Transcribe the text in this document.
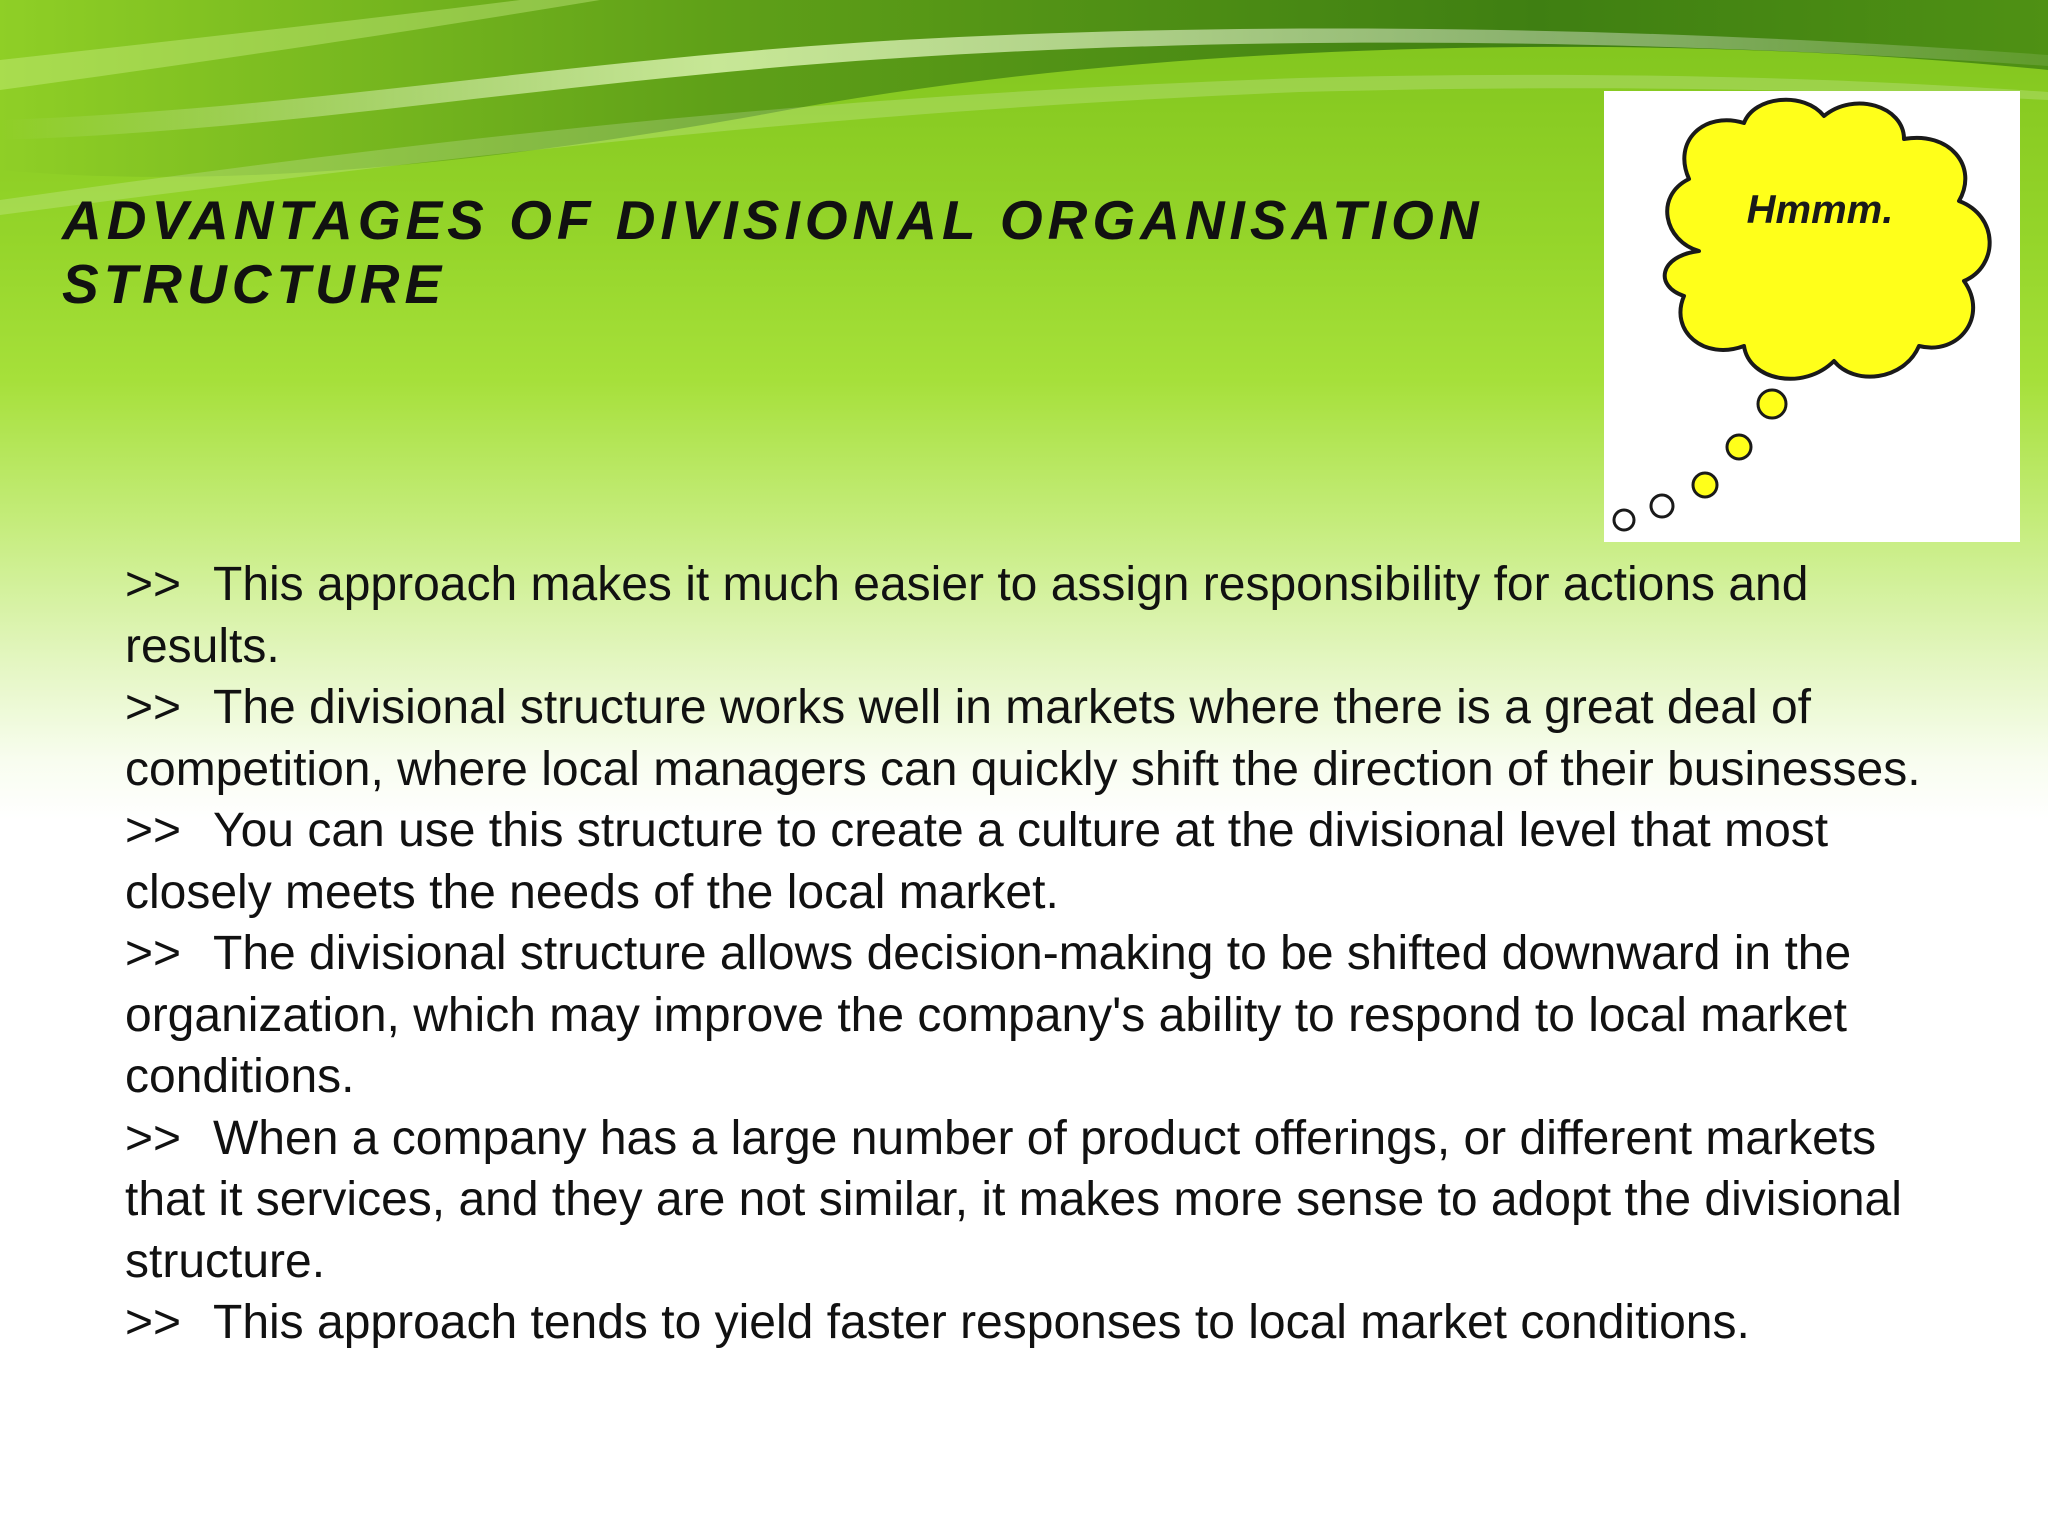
ADVANTAGES OF DIVISIONAL ORGANISATION
STRUCTURE
Hmmm.
>> This approach makes it much easier to assign responsibility for actions and results.
>> The divisional structure works well in markets where there is a great deal of competition, where local managers can quickly shift the direction of their businesses.
>> You can use this structure to create a culture at the divisional level that most closely meets the needs of the local market.
>> The divisional structure allows decision-making to be shifted downward in the organization, which may improve the company's ability to respond to local market conditions.
>> When a company has a large number of product offerings, or different markets that it services, and they are not similar, it makes more sense to adopt the divisional structure.
>> This approach tends to yield faster responses to local market conditions.
